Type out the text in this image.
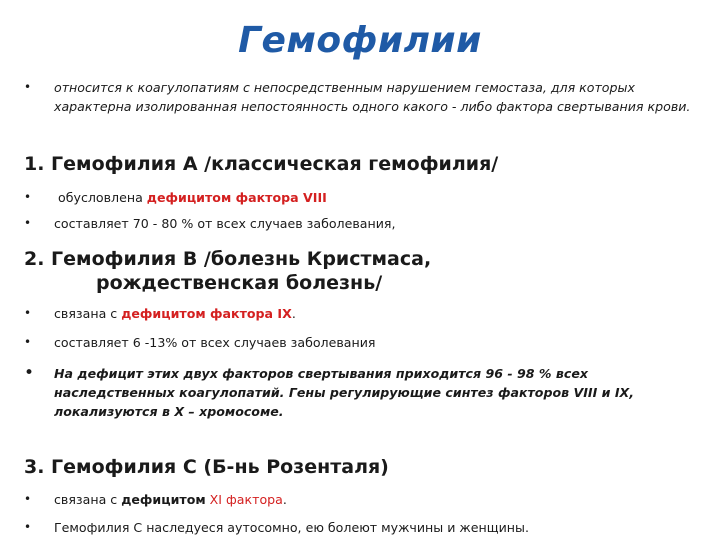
Гемофилии
•	относится к коагулопатиям с непосредственным нарушением гемостаза, для которых характерна изолированная непостоянность одного какого - либо фактора свертывания крови.
1. Гемофилия А /классическая гемофилия/
•	обусловлена дефицитом фактора VIII
•	составляет 70 - 80 % от всех случаев заболевания,
2. Гемофилия В /болезнь Кристмаса,
рождественская болезнь/
•	связана с дефицитом фактора IX.
•	составляет 6 -13% от всех случаев заболевания
•	На дефицит этих двух факторов свертывания приходится 96 - 98 % всех наследственных коагулопатий. Гены регулирующие синтез факторов VIII и IX, локализуются в Х – хромосоме.
3. Гемофилия С (Б-нь Розенталя)
•	связана с дефицитом XI фактора.
•	Гемофилия С наследуеся аутосомно, ею болеют мужчины и женщины.
